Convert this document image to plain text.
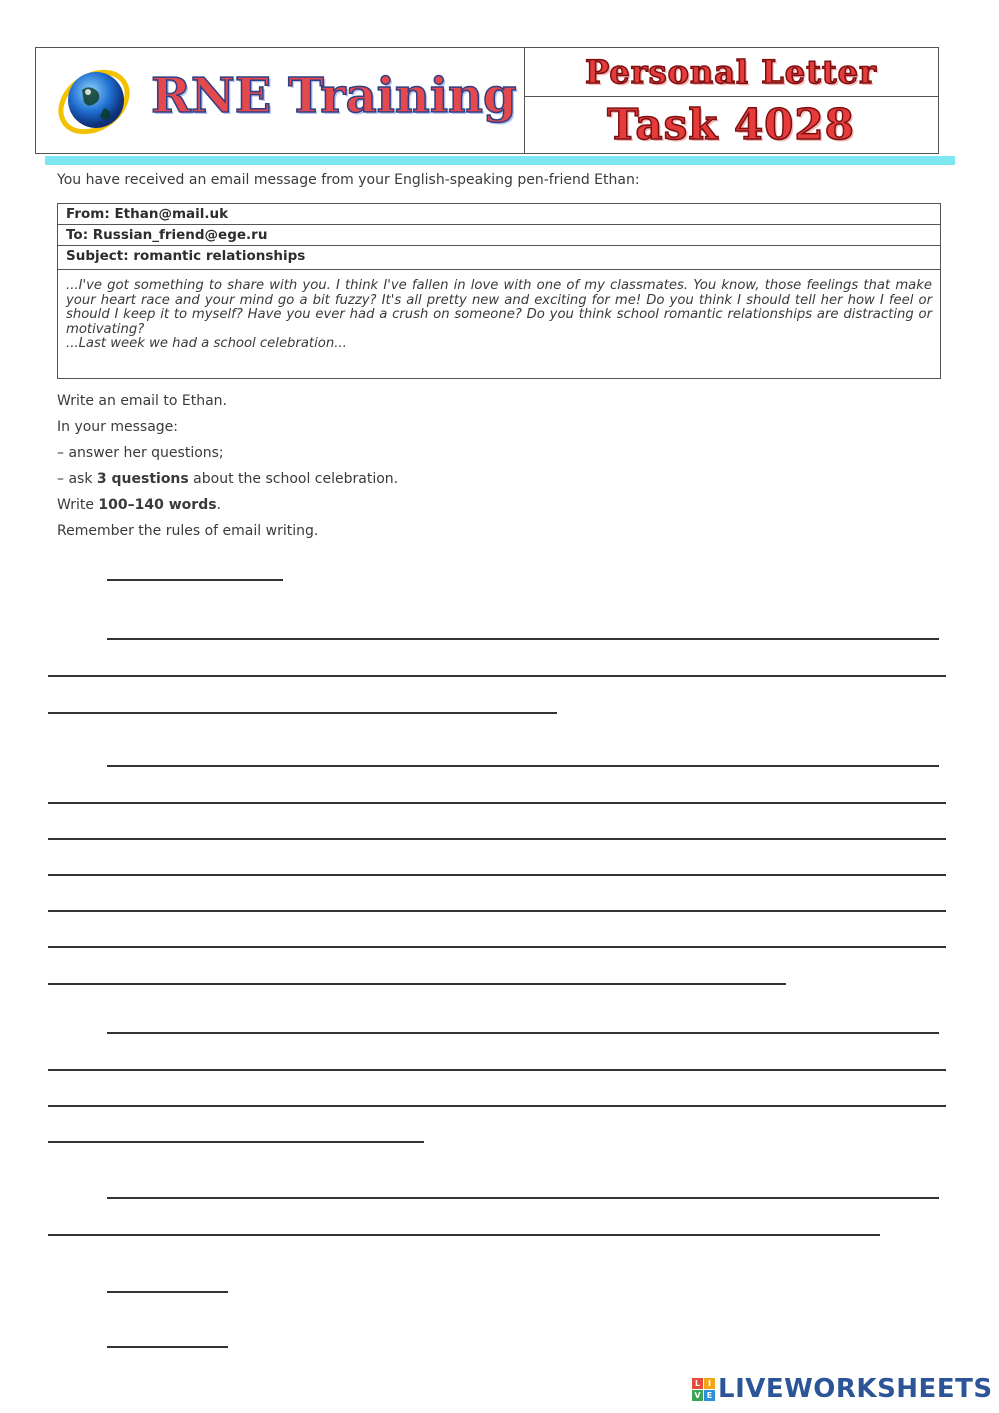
RNE Training Personal Letter
Task 4028
You have received an email message from your English-speaking pen-friend Ethan:
From: Ethan@mail.uk
To: Russian_friend@ege.ru
Subject: romantic relationships

...I've got something to share with you. I think I've fallen in love with one of my classmates. You know, those feelings that make your heart race and your mind go a bit fuzzy? It's all pretty new and exciting for me! Do you think I should tell her how I feel or should I keep it to myself? Have you ever had a crush on someone? Do you think school romantic relationships are distracting or motivating?

...Last week we had a school celebration...

Write an email to Ethan.
In your message:
– answer her questions;
– ask 3 questions about the school celebration.
Write 100–140 words.
Remember the rules of email writing.
L I
V E LIVEWORKSHEETS
